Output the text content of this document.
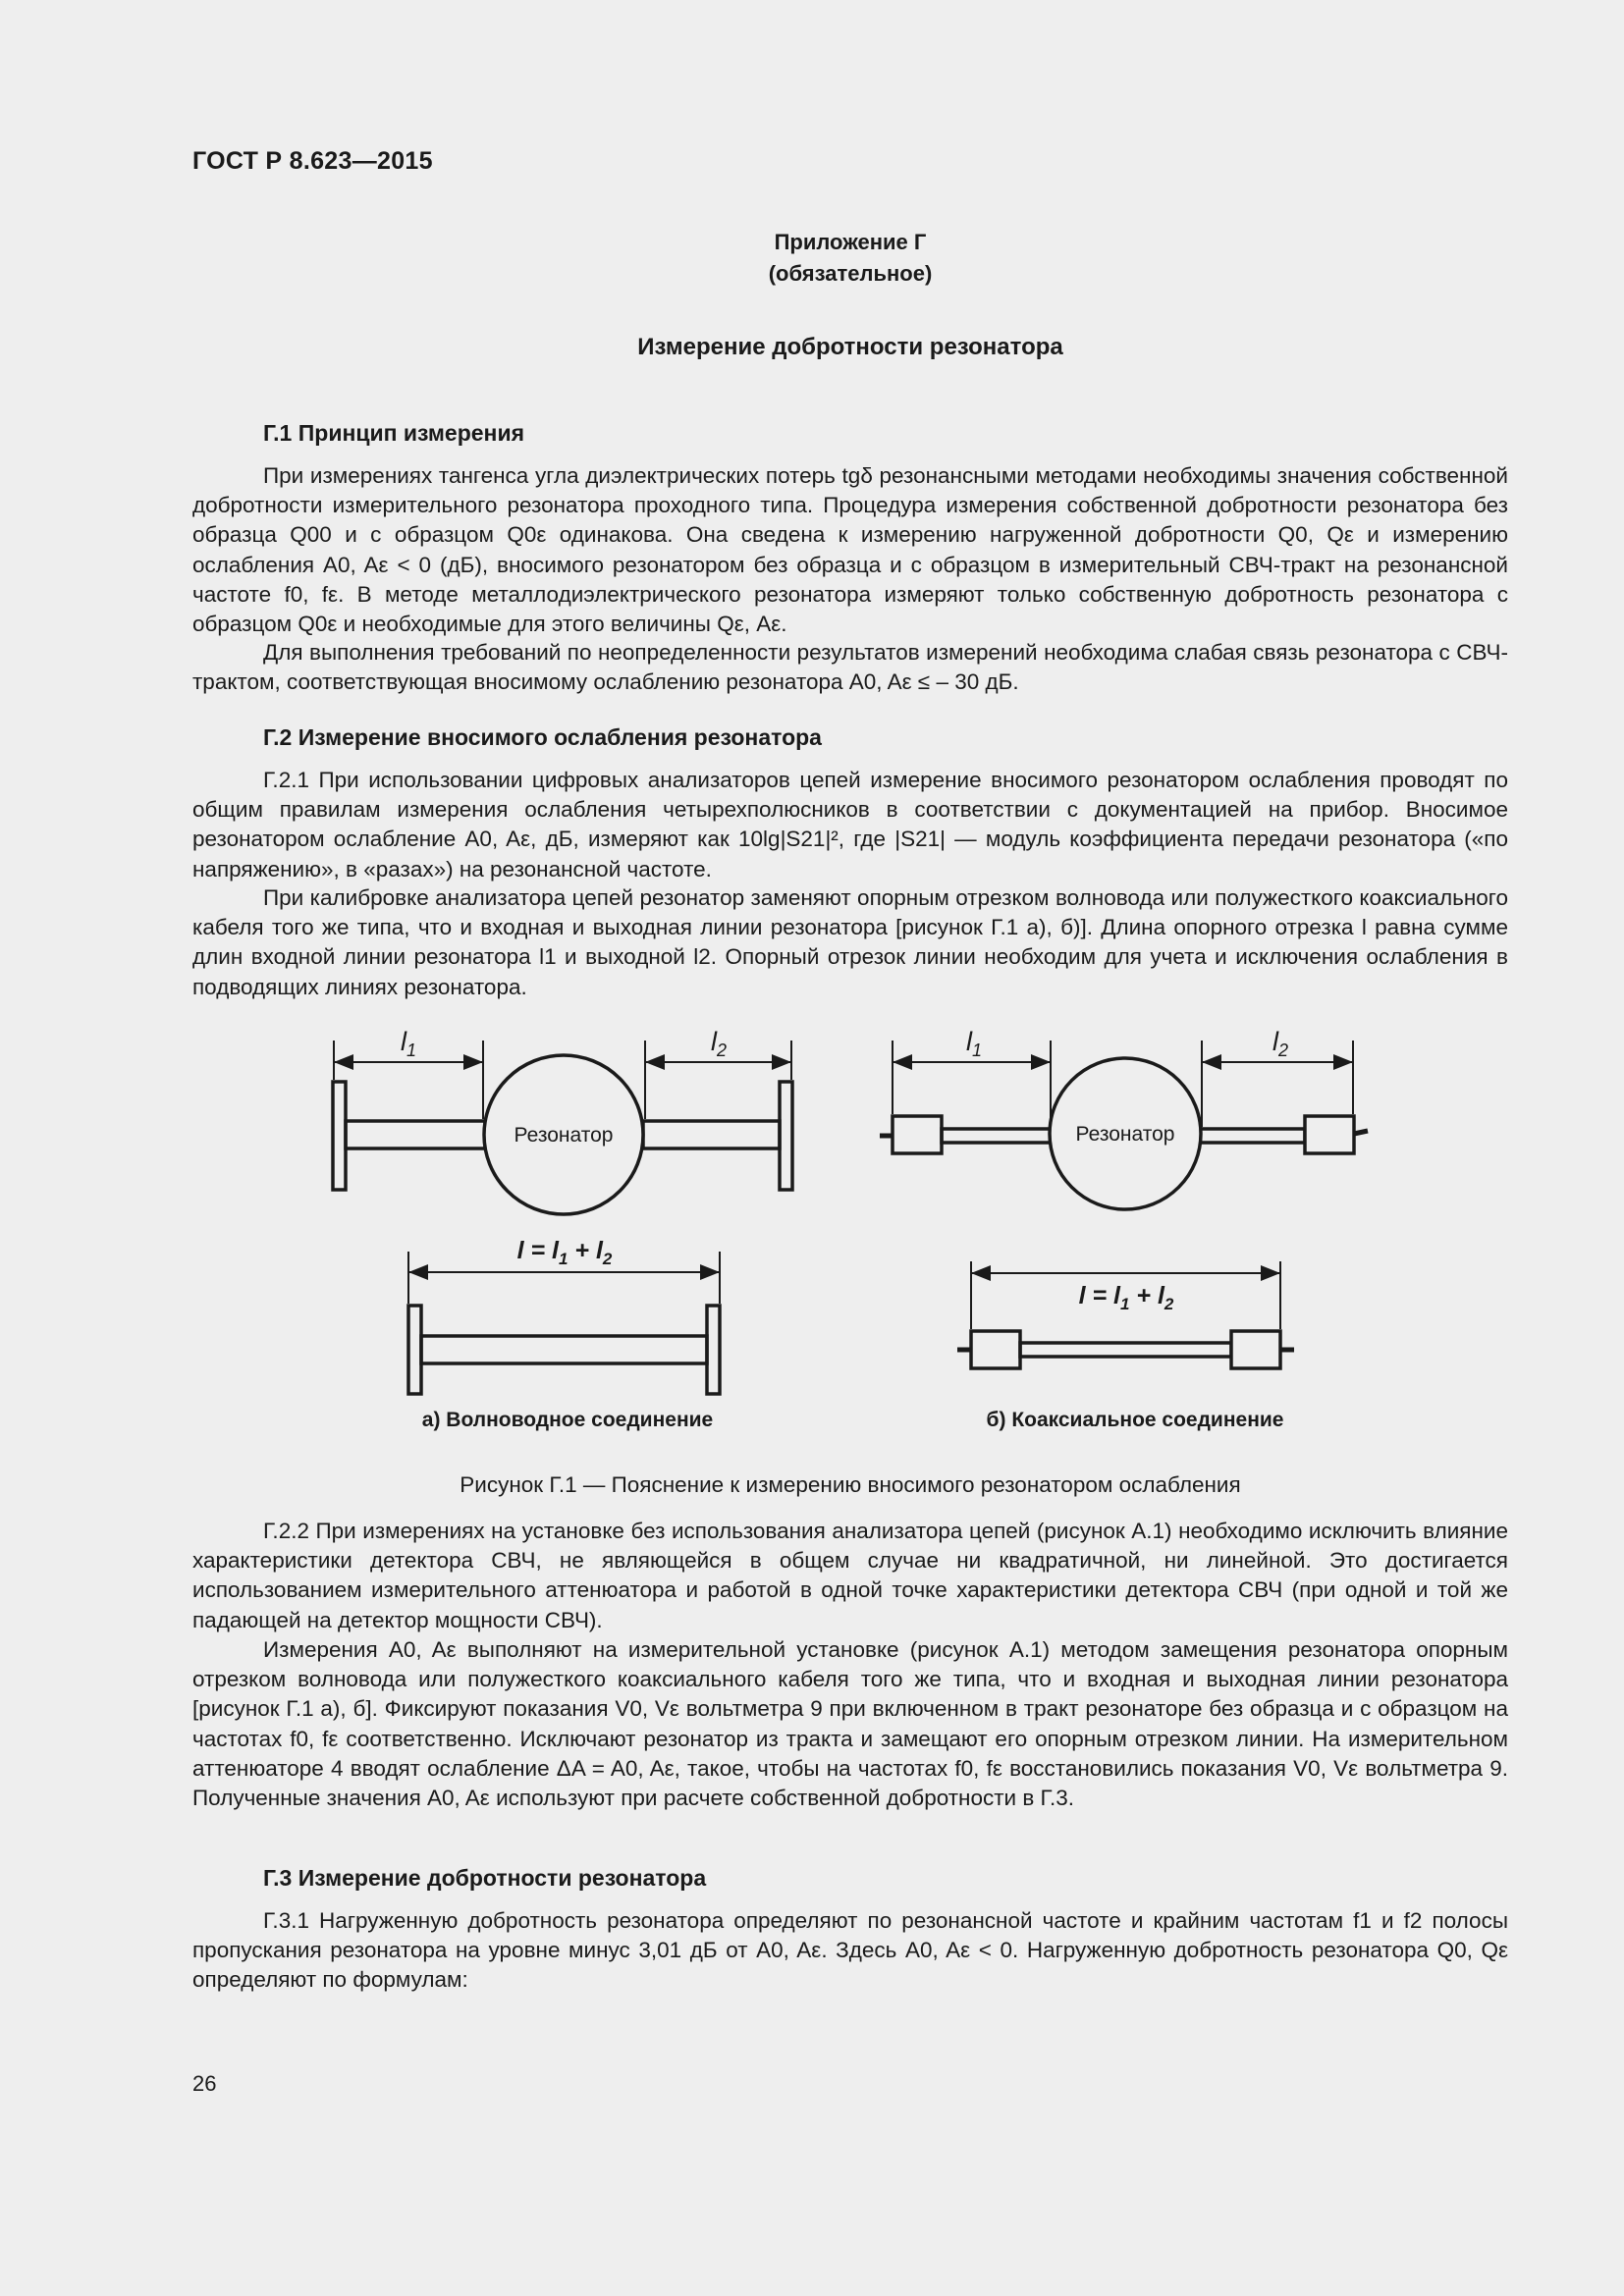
ГОСТ Р 8.623—2015
Приложение Г
(обязательное)
Измерение добротности резонатора
Г.1 Принцип измерения

При измерениях тангенса угла диэлектрических потерь tgδ резонансными методами необходимы значения собственной добротности измерительного резонатора проходного типа. Процедура измерения собственной добротности резонатора без образца Q00 и с образцом Q0ε одинакова. Она сведена к измерению нагруженной добротности Q0, Qε и измерению ослабления A0, Aε < 0 (дБ), вносимого резонатором без образца и с образцом в измерительный СВЧ-тракт на резонансной частоте f0, fε. В методе металлодиэлектрического резонатора измеряют только собственную добротность резонатора с образцом Q0ε и необходимые для этого величины Qε, Aε.

Для выполнения требований по неопределенности результатов измерений необходима слабая связь резонатора с СВЧ-трактом, соответствующая вносимому ослаблению резонатора A0, Aε ≤ – 30 дБ.

Г.2 Измерение вносимого ослабления резонатора

Г.2.1 При использовании цифровых анализаторов цепей измерение вносимого резонатором ослабления проводят по общим правилам измерения ослабления четырехполюсников в соответствии с документацией на прибор. Вносимое резонатором ослабление A0, Aε, дБ, измеряют как 10lg|S21|², где |S21| — модуль коэффициента передачи резонатора («по напряжению», в «разах») на резонансной частоте.

При калибровке анализатора цепей резонатор заменяют опорным отрезком волновода или полужесткого коаксиального кабеля того же типа, что и входная и выходная линии резонатора [рисунок Г.1 а), б)]. Длина опорного отрезка l равна сумме длин входной линии резонатора l1 и выходной l2. Опорный отрезок линии необходим для учета и исключения ослабления в подводящих линиях резонатора.

Резонатор	Резонатор
$l_1$	$l_2$	$l_1$	$l_2$
$l = l_1 + l_2$
$l = l_1 + l_2$
а) Волноводное соединение	б) Коаксиальное соединение
Рисунок Г.1 — Пояснение к измерению вносимого резонатором ослабления

Г.2.2 При измерениях на установке без использования анализатора цепей (рисунок А.1) необходимо исключить влияние характеристики детектора СВЧ, не являющейся в общем случае ни квадратичной, ни линейной. Это достигается использованием измерительного аттенюатора и работой в одной точке характеристики детектора СВЧ (при одной и той же падающей на детектор мощности СВЧ).

Измерения A0, Aε выполняют на измерительной установке (рисунок А.1) методом замещения резонатора опорным отрезком волновода или полужесткого коаксиального кабеля того же типа, что и входная и выходная линии резонатора [рисунок Г.1 а), б]. Фиксируют показания V0, Vε вольтметра 9 при включенном в тракт резонаторе без образца и с образцом на частотах f0, fε соответственно. Исключают резонатор из тракта и замещают его опорным отрезком линии. На измерительном аттенюаторе 4 вводят ослабление ΔA = A0, Aε, такое, чтобы на частотах f0, fε восстановились показания V0, Vε вольтметра 9. Полученные значения A0, Aε используют при расчете собственной добротности в Г.3.

Г.3 Измерение добротности резонатора

Г.3.1 Нагруженную добротность резонатора определяют по резонансной частоте и крайним частотам f1 и f2 полосы пропускания резонатора на уровне минус 3,01 дБ от A0, Aε. Здесь A0, Aε < 0. Нагруженную добротность резонатора Q0, Qε определяют по формулам:

26
